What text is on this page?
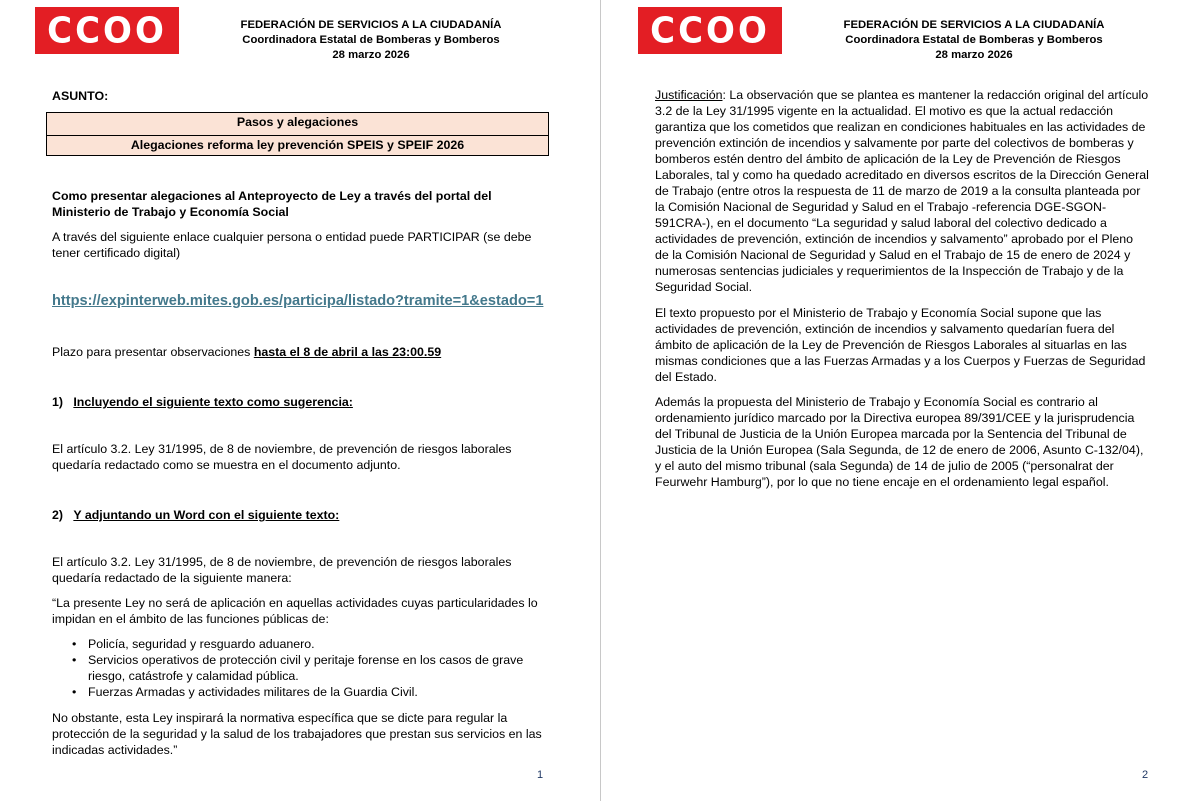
CCOO	FEDERACIÓN DE SERVICIOS A LA CIUDADANÍA
Coordinadora Estatal de Bomberas y Bomberos
28 marzo 2026
ASUNTO:
Pasos y alegaciones
Alegaciones reforma ley prevención SPEIS y SPEIF 2026

Como presentar alegaciones al Anteproyecto de Ley a través del portal del Ministerio de Trabajo y Economía Social

A través del siguiente enlace cualquier persona o entidad puede PARTICIPAR (se debe tener certificado digital)

https://expinterweb.mites.gob.es/participa/listado?tramite=1&estado=1

Plazo para presentar observaciones hasta el 8 de abril a las 23:00.59

1) Incluyendo el siguiente texto como sugerencia:

El artículo 3.2. Ley 31/1995, de 8 de noviembre, de prevención de riesgos laborales quedaría redactado como se muestra en el documento adjunto.

2) Y adjuntando un Word con el siguiente texto:

El artículo 3.2. Ley 31/1995, de 8 de noviembre, de prevención de riesgos laborales quedaría redactado de la siguiente manera:

“La presente Ley no será de aplicación en aquellas actividades cuyas particularidades lo impidan en el ámbito de las funciones públicas de:

• Policía, seguridad y resguardo aduanero.
• Servicios operativos de protección civil y peritaje forense en los casos de grave riesgo, catástrofe y calamidad pública.
• Fuerzas Armadas y actividades militares de la Guardia Civil.

No obstante, esta Ley inspirará la normativa específica que se dicte para regular la protección de la seguridad y la salud de los trabajadores que prestan sus servicios en las indicadas actividades.”

1
CCOO	FEDERACIÓN DE SERVICIOS A LA CIUDADANÍA
Coordinadora Estatal de Bomberas y Bomberos
28 marzo 2026

Justificación: La observación que se plantea es mantener la redacción original del artículo 3.2 de la Ley 31/1995 vigente en la actualidad. El motivo es que la actual redacción garantiza que los cometidos que realizan en condiciones habituales en las actividades de prevención extinción de incendios y salvamente por parte del colectivos de bomberas y bomberos estén dentro del ámbito de aplicación de la Ley de Prevención de Riesgos Laborales, tal y como ha quedado acreditado en diversos escritos de la Dirección General de Trabajo (entre otros la respuesta de 11 de marzo de 2019 a la consulta planteada por la Comisión Nacional de Seguridad y Salud en el Trabajo -referencia DGE-SGON-591CRA-), en el documento “La seguridad y salud laboral del colectivo dedicado a actividades de prevención, extinción de incendios y salvamento” aprobado por el Pleno de la Comisión Nacional de Seguridad y Salud en el Trabajo de 15 de enero de 2024 y numerosas sentencias judiciales y requerimientos de la Inspección de Trabajo y de la Seguridad Social.

El texto propuesto por el Ministerio de Trabajo y Economía Social supone que las actividades de prevención, extinción de incendios y salvamento quedarían fuera del ámbito de aplicación de la Ley de Prevención de Riesgos Laborales al situarlas en las mismas condiciones que a las Fuerzas Armadas y a los Cuerpos y Fuerzas de Seguridad del Estado.

Además la propuesta del Ministerio de Trabajo y Economía Social es contrario al ordenamiento jurídico marcado por la Directiva europea 89/391/CEE y la jurisprudencia del Tribunal de Justicia de la Unión Europea marcada por la Sentencia del Tribunal de Justicia de la Unión Europea (Sala Segunda, de 12 de enero de 2006, Asunto C-132/04), y el auto del mismo tribunal (sala Segunda) de 14 de julio de 2005 (“personalrat der Feurwehr Hamburg”), por lo que no tiene encaje en el ordenamiento legal español.

2
